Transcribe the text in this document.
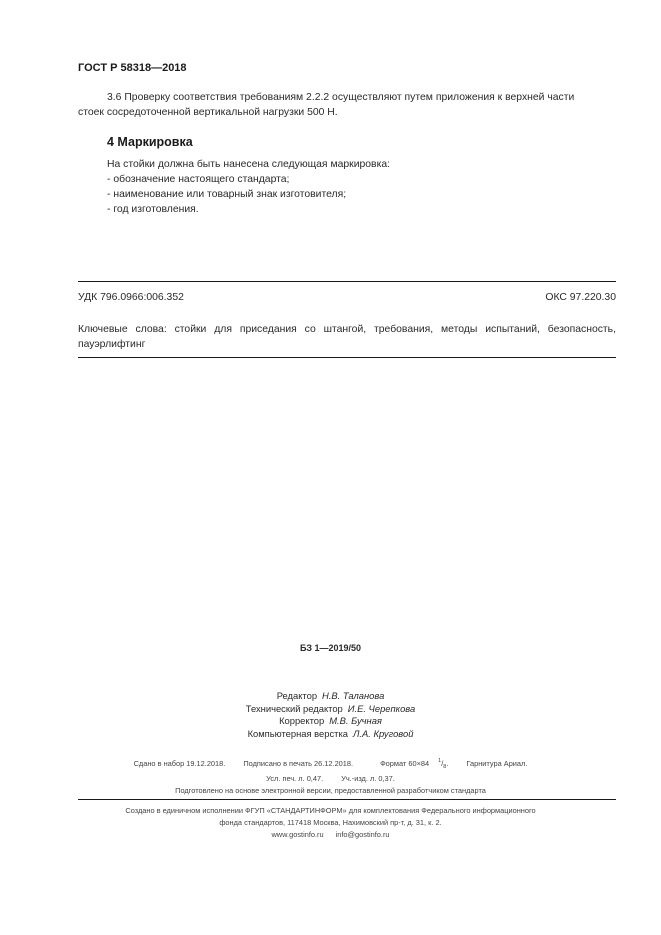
ГОСТ Р 58318—2018
3.6 Проверку соответствия требованиям 2.2.2 осуществляют путем приложения к верхней части
стоек сосредоточенной вертикальной нагрузки 500 Н.
4 Маркировка
На стойки должна быть нанесена следующая маркировка:
- обозначение настоящего стандарта;
- наименование или товарный знак изготовителя;
- год изготовления.
УДК 796.0966:006.352	ОКС 97.220.30
Ключевые слова: стойки для приседания со штангой, требования, методы испытаний, безопасность, пауэрлифтинг
БЗ 1—2019/50
Редактор Н.В. Таланова
Технический редактор И.Е. Черепкова
Корректор М.В. Бучная
Компьютерная верстка Л.А. Круговой
Сдано в набор 19.12.2018. Подписано в печать 26.12.2018.	Формат 60×84 $^1/_8$. Гарнитура Ариал.
Усл. печ. л. 0,47. Уч.-изд. л. 0,37.
Подготовлено на основе электронной версии, предоставленной разработчиком стандарта
Создано в единичном исполнении ФГУП «СТАНДАРТИНФОРМ» для комплектования Федерального информационного
фонда стандартов, 117418 Москва, Нахимовский пр-т, д. 31, к. 2.
www.gostinfo.ru info@gostinfo.ru
